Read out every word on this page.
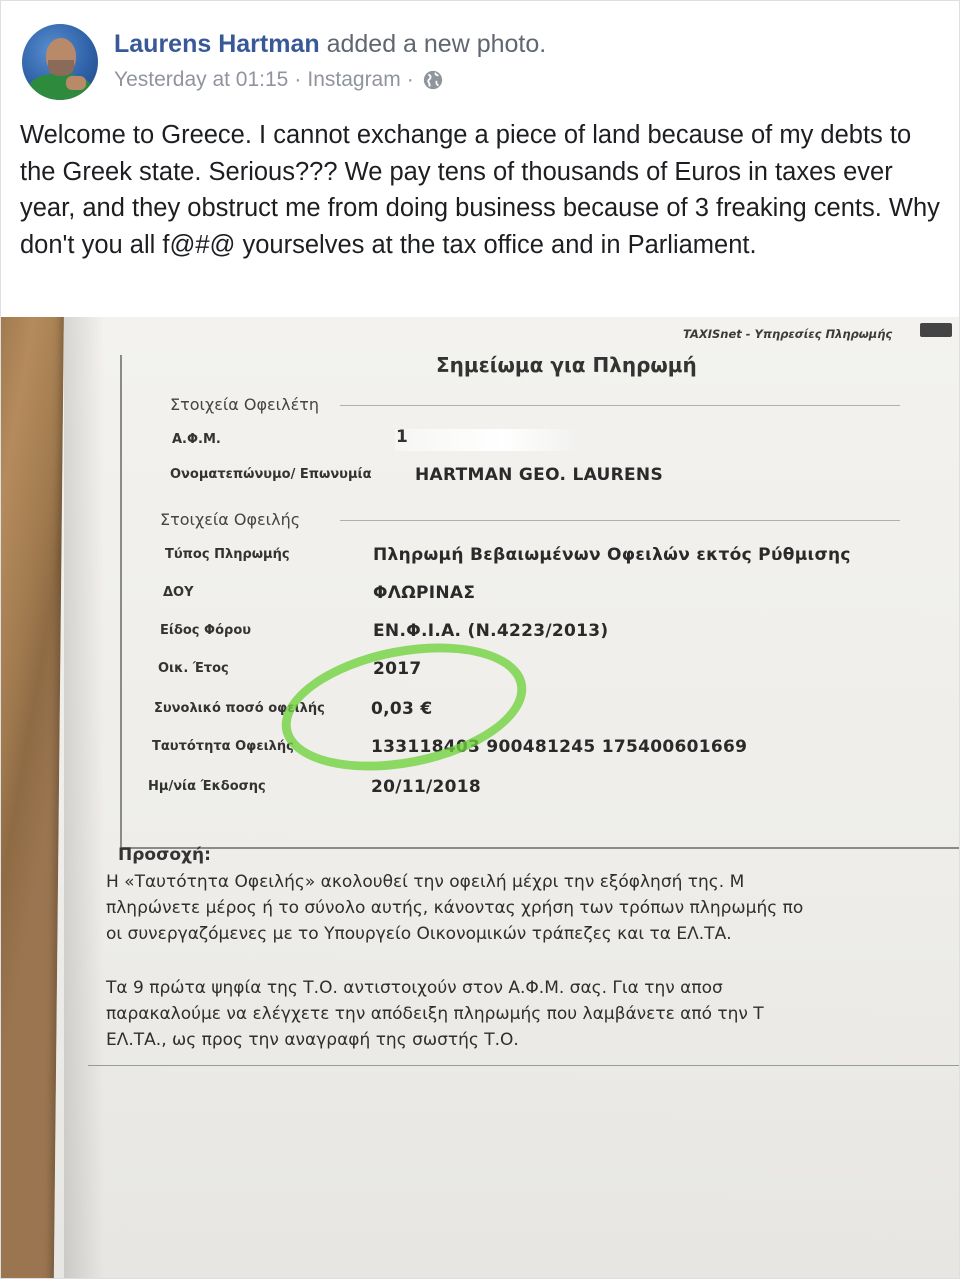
Laurens Hartman added a new photo.
Yesterday at 01:15 · Instagram ·
Welcome to Greece. I cannot exchange a piece of land because of my debts to the Greek state. Serious??? We pay tens of thousands of Euros in taxes ever year, and they obstruct me from doing business because of 3 freaking cents. Why don't you all f@#@ yourselves at the tax office and in Parliament.
TAXISnet - Υπηρεσίες Πληρωμής
Σημείωμα για Πληρωμή
Στοιχεία Οφειλέτη
Α.Φ.Μ.	1
Ονοματεπώνυμο/ Επωνυμία	HARTMAN GEO. LAURENS
Στοιχεία Οφειλής
Τύπος Πληρωμής	Πληρωμή Βεβαιωμένων Οφειλών εκτός Ρύθμισης
ΔΟΥ	ΦΛΩΡΙΝΑΣ
Είδος Φόρου	ΕΝ.Φ.Ι.Α. (Ν.4223/2013)
Οικ. Έτος	2017
Συνολικό ποσό οφειλής	0,03 €
Ταυτότητα Οφειλής	133118403 900481245 175400601669
Ημ/νία Έκδοσης	20/11/2018
Προσοχή:
Η «Ταυτότητα Οφειλής» ακολουθεί την οφειλή μέχρι την εξόφλησή της. Μ
πληρώνετε μέρος ή το σύνολο αυτής, κάνοντας χρήση των τρόπων πληρωμής πο
οι συνεργαζόμενες με το Υπουργείο Οικονομικών τράπεζες και τα ΕΛ.ΤΑ.
Τα 9 πρώτα ψηφία της Τ.Ο. αντιστοιχούν στον Α.Φ.Μ. σας. Για την αποσ
παρακαλούμε να ελέγχετε την απόδειξη πληρωμής που λαμβάνετε από την Τ
ΕΛ.ΤΑ., ως προς την αναγραφή της σωστής Τ.Ο.
